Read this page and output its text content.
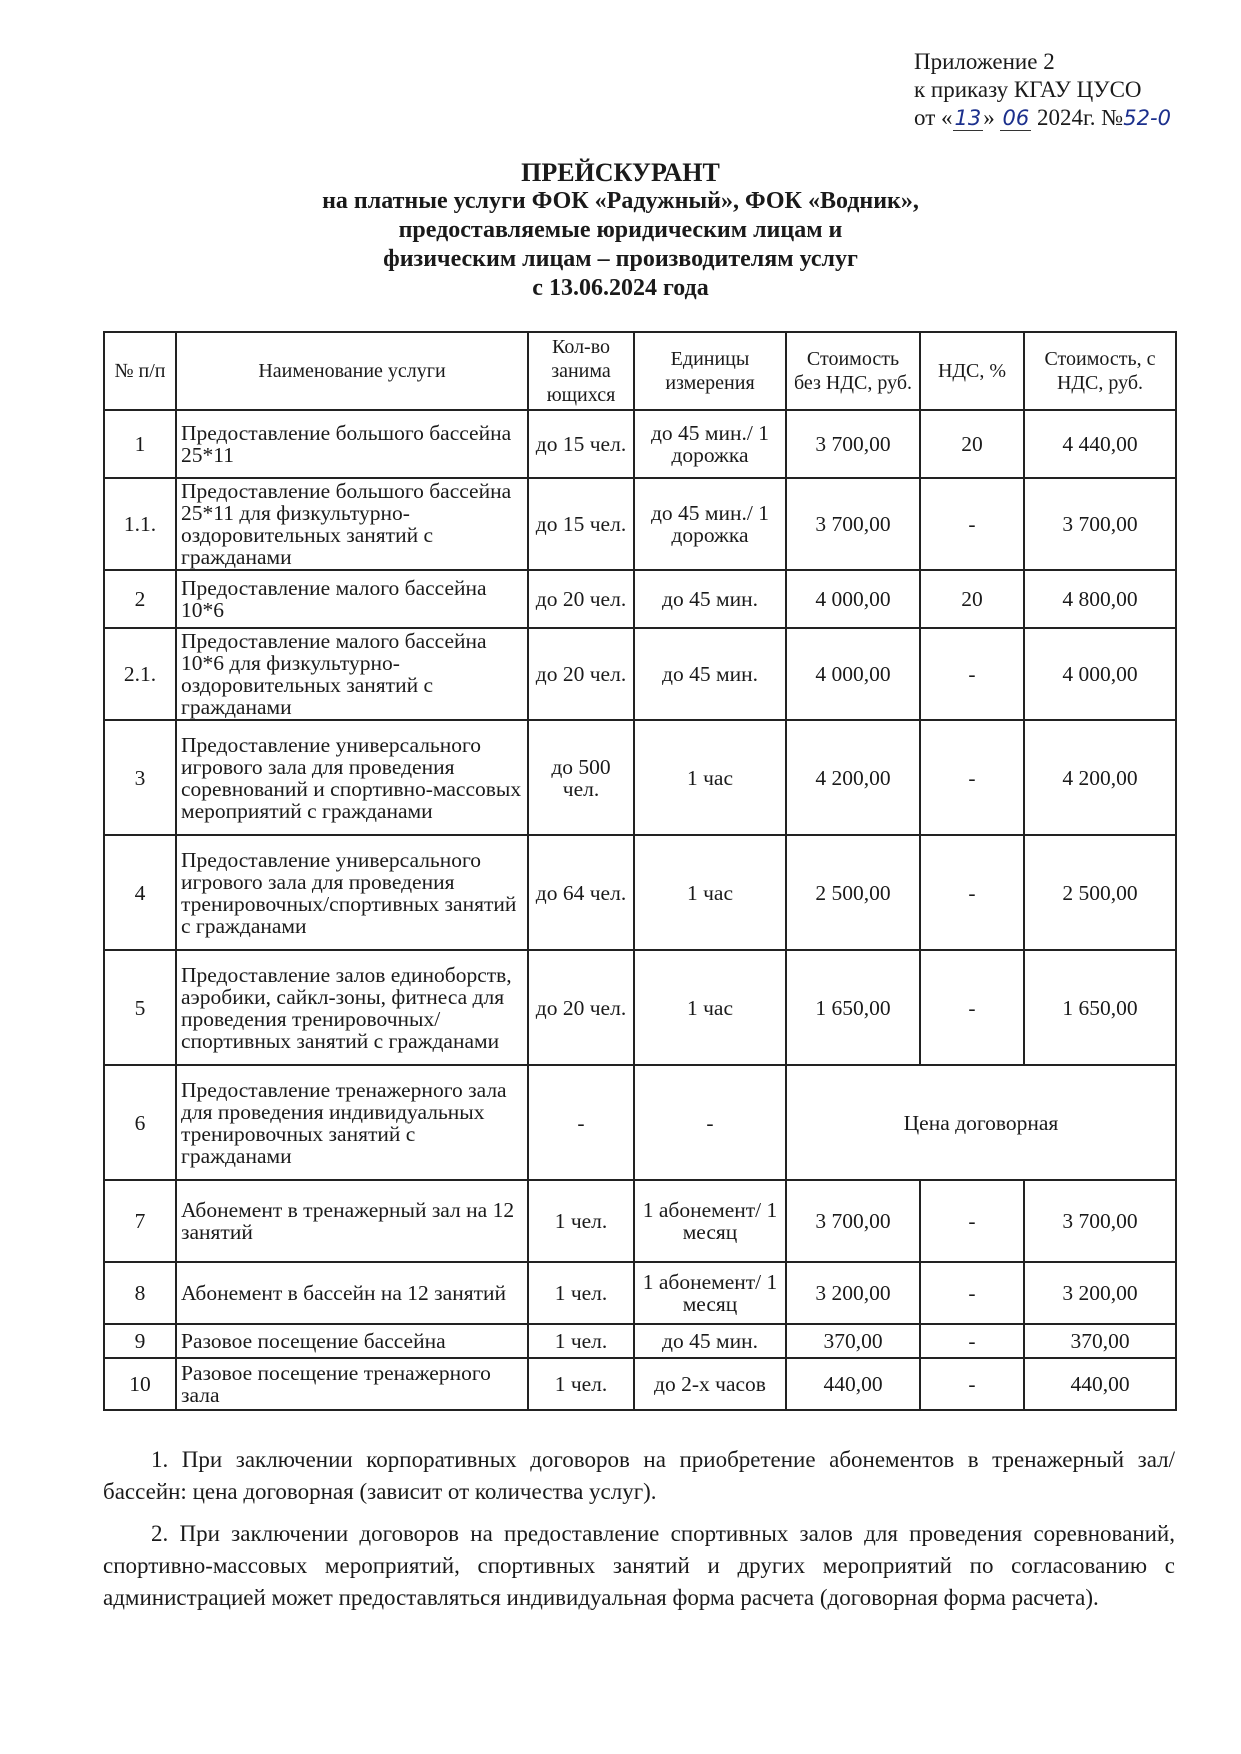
Приложение 2
к приказу КГАУ ЦУСО
от «13» 06 2024г. №52-0
ПРЕЙСКУРАНТ
на платные услуги ФОК «Радужный», ФОК «Водник»,
предоставляемые юридическим лицам и
физическим лицам – производителям услуг
с 13.06.2024 года
№ п/п	Наименование услуги	Кол-во занима ющихся	Единицы измерения	Стоимость без НДС, руб.	НДС, %	Стоимость, с НДС, руб.
1	Предоставление большого бассейна 25*11	до 15 чел.	до 45 мин./ 1 дорожка	3 700,00	20	4 440,00
1.1.	Предоставление большого бассейна 25*11 для физкультурно-оздоровительных занятий с гражданами	до 15 чел.	до 45 мин./ 1 дорожка	3 700,00	-	3 700,00
2	Предоставление малого бассейна 10*6	до 20 чел.	до 45 мин.	4 000,00	20	4 800,00
2.1.	Предоставление малого бассейна 10*6 для физкультурно-оздоровительных занятий с гражданами	до 20 чел.	до 45 мин.	4 000,00	-	4 000,00
3	Предоставление универсального игрового зала для проведения соревнований и спортивно-массовых мероприятий с гражданами	до 500 чел.	1 час	4 200,00	-	4 200,00
4	Предоставление универсального игрового зала для проведения тренировочных/спортивных занятий с гражданами	до 64 чел.	1 час	2 500,00	-	2 500,00
5	Предоставление залов единоборств, аэробики, сайкл-зоны, фитнеса для проведения тренировочных/спортивных занятий с гражданами	до 20 чел.	1 час	1 650,00	-	1 650,00
6	Предоставление тренажерного зала для проведения индивидуальных тренировочных занятий с гражданами	-	-	Цена договорная		
7	Абонемент в тренажерный зал на 12 занятий	1 чел.	1 абонемент/ 1 месяц	3 700,00	-	3 700,00
8	Абонемент в бассейн на 12 занятий	1 чел.	1 абонемент/ 1 месяц	3 200,00	-	3 200,00
9	Разовое посещение бассейна	1 чел.	до 45 мин.	370,00	-	370,00
10	Разовое посещение тренажерного зала	1 чел.	до 2-х часов	440,00	-	440,00

1. При заключении корпоративных договоров на приобретение абонементов в тренажерный зал/бассейн: цена договорная (зависит от количества услуг).

2. При заключении договоров на предоставление спортивных залов для проведения соревнований, спортивно-массовых мероприятий, спортивных занятий и других мероприятий по согласованию с администрацией может предоставляться индивидуальная форма расчета (договорная форма расчета).
